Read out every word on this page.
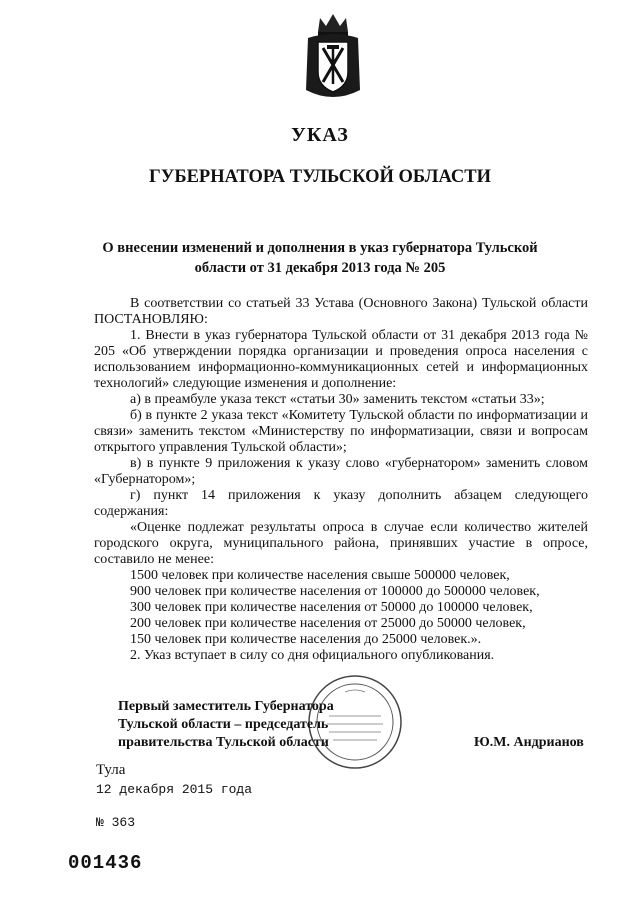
УКАЗ
ГУБЕРНАТОРА ТУЛЬСКОЙ ОБЛАСТИ
О внесении изменений и дополнения в указ губернатора Тульской
области от 31 декабря 2013 года № 205

В соответствии со статьей 33 Устава (Основного Закона) Тульской области ПОСТАНОВЛЯЮ:

1. Внести в указ губернатора Тульской области от 31 декабря 2013 года № 205 «Об утверждении порядка организации и проведения опроса населения с использованием информационно-коммуникационных сетей и информационных технологий» следующие изменения и дополнение:

а) в преамбуле указа текст «статьи 30» заменить текстом «статьи 33»;

б) в пункте 2 указа текст «Комитету Тульской области по информатизации и связи» заменить текстом «Министерству по информатизации, связи и вопросам открытого управления Тульской области»;

в) в пункте 9 приложения к указу слово «губернатором» заменить словом «Губернатором»;

г) пункт 14 приложения к указу дополнить абзацем следующего содержания:

«Оценке подлежат результаты опроса в случае если количество жителей городского округа, муниципального района, принявших участие в опросе, составило не менее:

1500 человек при количестве населения свыше 500000 человек,

900 человек при количестве населения от 100000 до 500000 человек,

300 человек при количестве населения от 50000 до 100000 человек,

200 человек при количестве населения от 25000 до 50000 человек,

150 человек при количестве населения до 25000 человек.».

2. Указ вступает в силу со дня официального опубликования.

Первый заместитель Губернатора
Тульской области – председатель
правительства Тульской области	Ю.М. Андрианов
Тула
12 декабря 2015 года
№ 363
001436
